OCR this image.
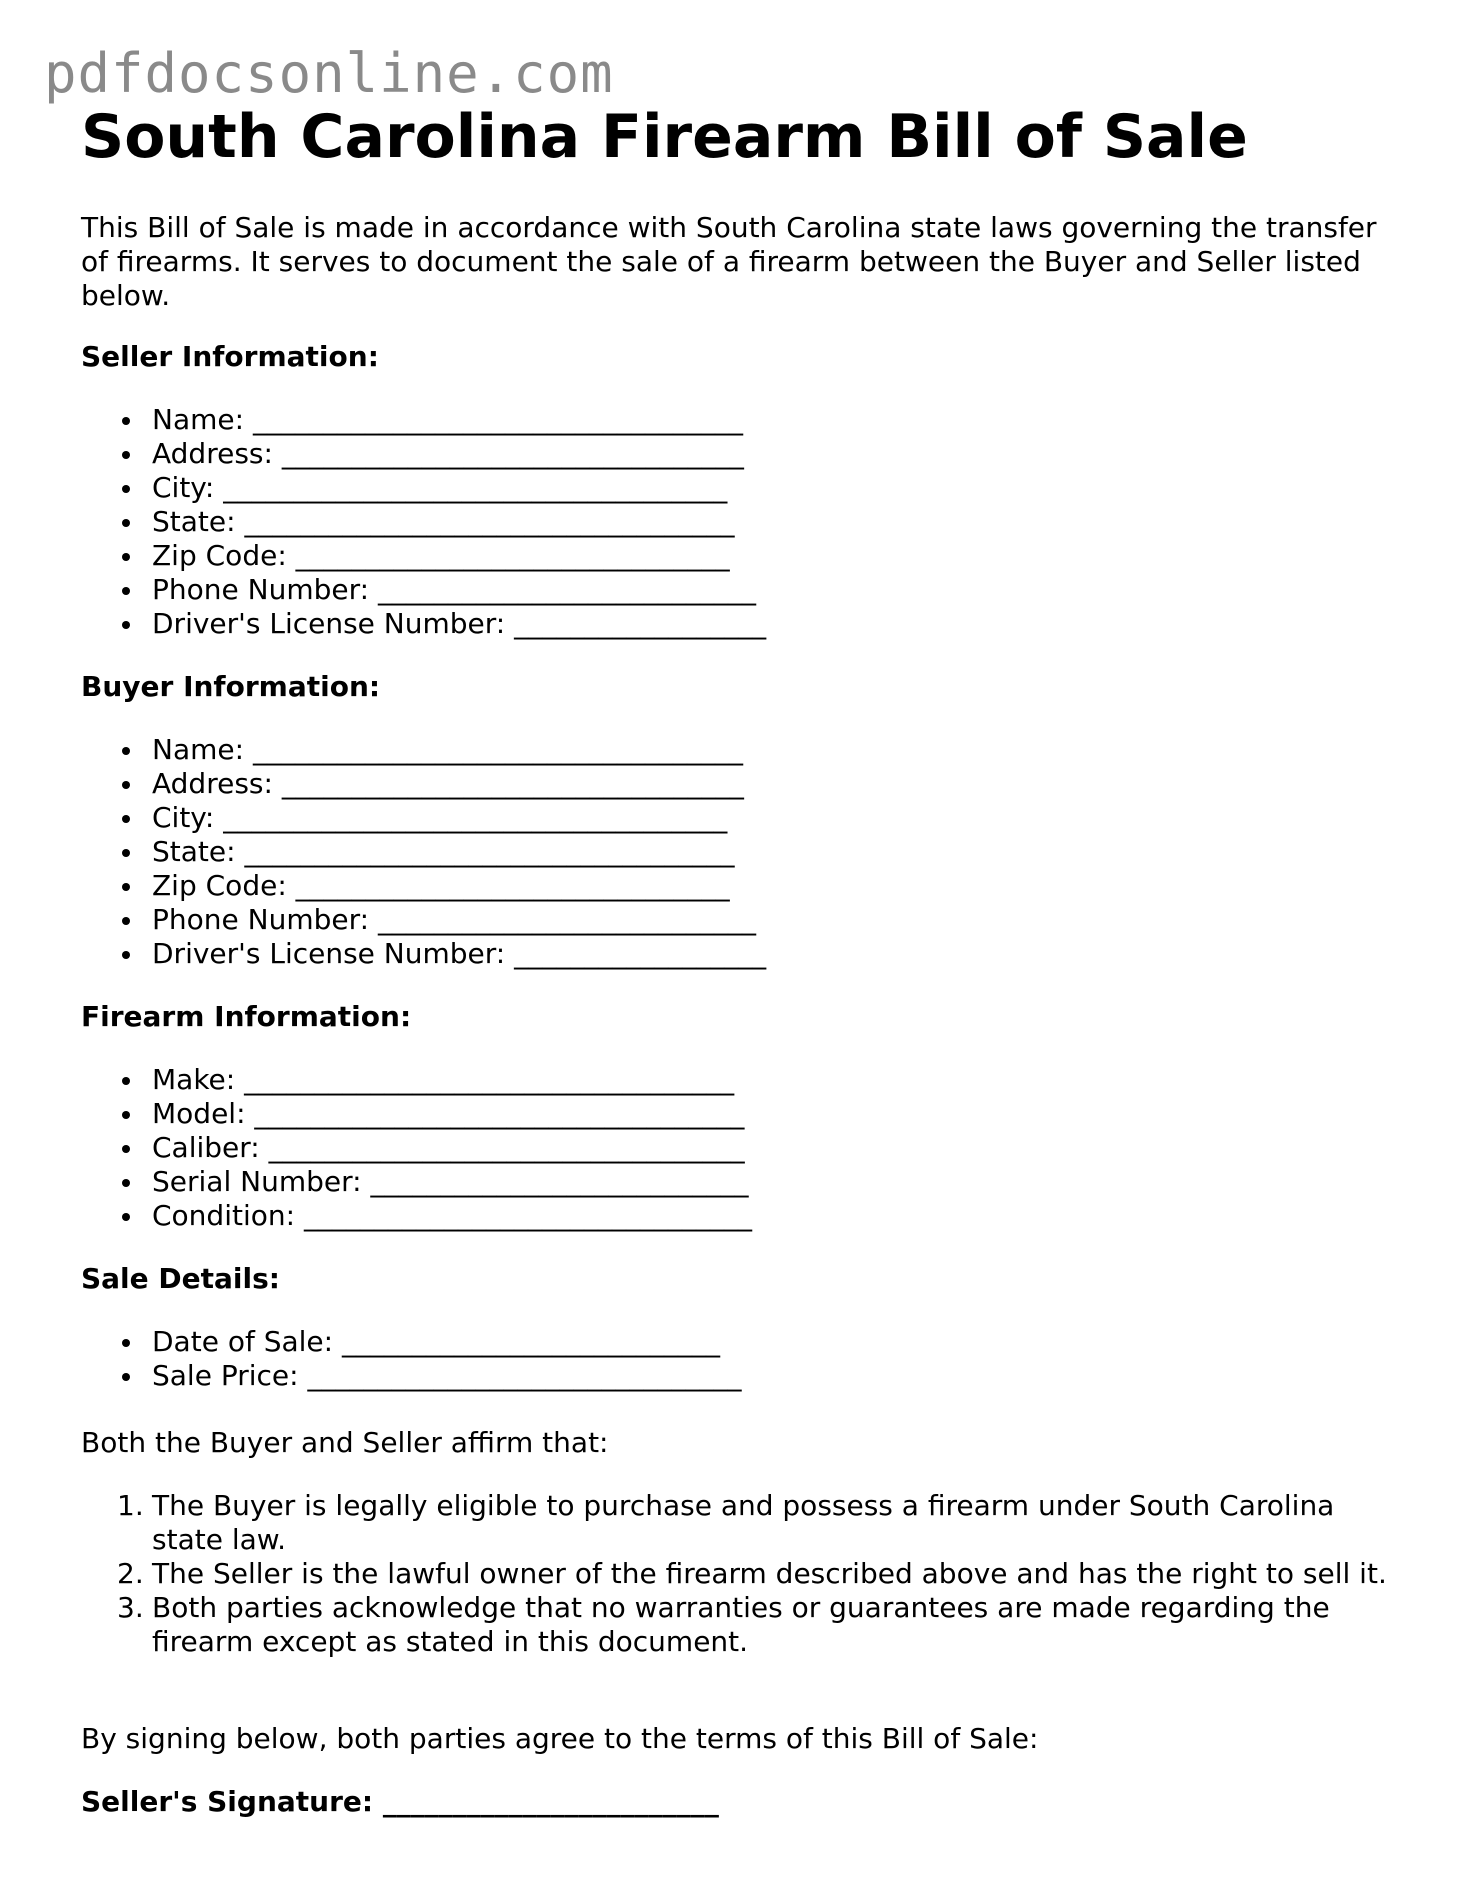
pdfdocsonline.com
South Carolina Firearm Bill of Sale

This Bill of Sale is made in accordance with South Carolina state laws governing the transfer of firearms. It serves to document the sale of a firearm between the Buyer and Seller listed below.

Seller Information:

Name: ___________________________________
Address: _________________________________
City: ____________________________________
State: ___________________________________
Zip Code: _______________________________
Phone Number: ___________________________
Driver's License Number: __________________

Buyer Information:

Name: ___________________________________
Address: _________________________________
City: ____________________________________
State: ___________________________________
Zip Code: _______________________________
Phone Number: ___________________________
Driver's License Number: __________________

Firearm Information:

Make: ___________________________________
Model: ___________________________________
Caliber: __________________________________
Serial Number: ___________________________
Condition: ________________________________

Sale Details:

Date of Sale: ___________________________
Sale Price: _______________________________

Both the Buyer and Seller affirm that:

1. The Buyer is legally eligible to purchase and possess a firearm under South Carolina state law.
2. The Seller is the lawful owner of the firearm described above and has the right to sell it.
3. Both parties acknowledge that no warranties or guarantees are made regarding the firearm except as stated in this document.

By signing below, both parties agree to the terms of this Bill of Sale:

Seller's Signature: ________________________
